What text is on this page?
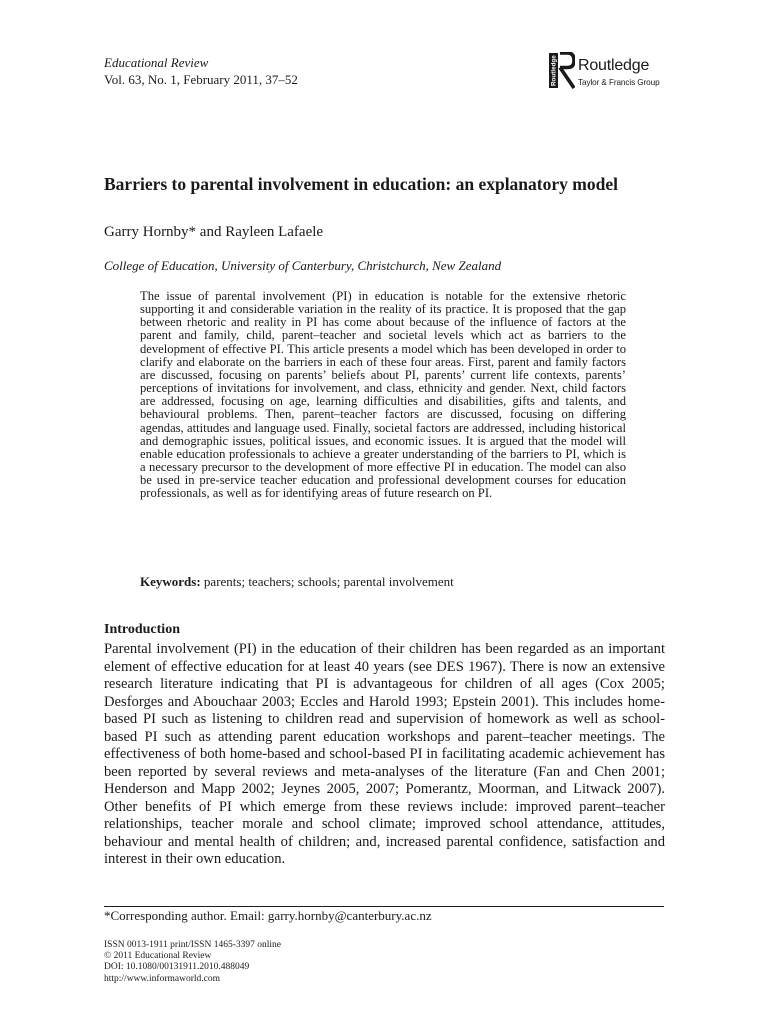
Educational Review
Vol. 63, No. 1, February 2011, 37–52	Routledge Routledge
Taylor & Francis Group
Barriers to parental involvement in education: an explanatory model
Garry Hornby* and Rayleen Lafaele
College of Education, University of Canterbury, Christchurch, New Zealand

The issue of parental involvement (PI) in education is notable for the extensive rhetoric supporting it and considerable variation in the reality of its practice. It is proposed that the gap between rhetoric and reality in PI has come about because of the influence of factors at the parent and family, child, parent–teacher and societal levels which act as barriers to the development of effective PI. This article presents a model which has been developed in order to clarify and elaborate on the barriers in each of these four areas. First, parent and family factors are discussed, focusing on parents’ beliefs about PI, parents’ current life contexts, parents’ perceptions of invitations for involvement, and class, ethnicity and gender. Next, child factors are addressed, focusing on age, learning difficulties and disabilities, gifts and talents, and behavioural problems. Then, parent–teacher factors are discussed, focusing on differing agendas, attitudes and language used. Finally, societal factors are addressed, including historical and demographic issues, political issues, and economic issues. It is argued that the model will enable education professionals to achieve a greater understanding of the barriers to PI, which is a necessary precursor to the development of more effective PI in education. The model can also be used in pre-service teacher education and professional development courses for education professionals, as well as for identifying areas of future research on PI.

Keywords: parents; teachers; schools; parental involvement
Introduction

Parental involvement (PI) in the education of their children has been regarded as an important element of effective education for at least 40 years (see DES 1967). There is now an extensive research literature indicating that PI is advantageous for children of all ages (Cox 2005; Desforges and Abouchaar 2003; Eccles and Harold 1993; Epstein 2001). This includes home-based PI such as listening to children read and supervision of homework as well as school-based PI such as attending parent education workshops and parent–teacher meetings. The effectiveness of both home-based and school-based PI in facilitating academic achievement has been reported by several reviews and meta-analyses of the literature (Fan and Chen 2001; Henderson and Mapp 2002; Jeynes 2005, 2007; Pomerantz, Moorman, and Litwack 2007). Other benefits of PI which emerge from these reviews include: improved parent–teacher relationships, teacher morale and school climate; improved school attendance, attitudes, behaviour and mental health of children; and, increased parental confidence, satisfaction and interest in their own education.

*Corresponding author. Email: garry.hornby@canterbury.ac.nz
ISSN 0013-1911 print/ISSN 1465-3397 online
© 2011 Educational Review
DOI: 10.1080/00131911.2010.488049
http://www.informaworld.com
